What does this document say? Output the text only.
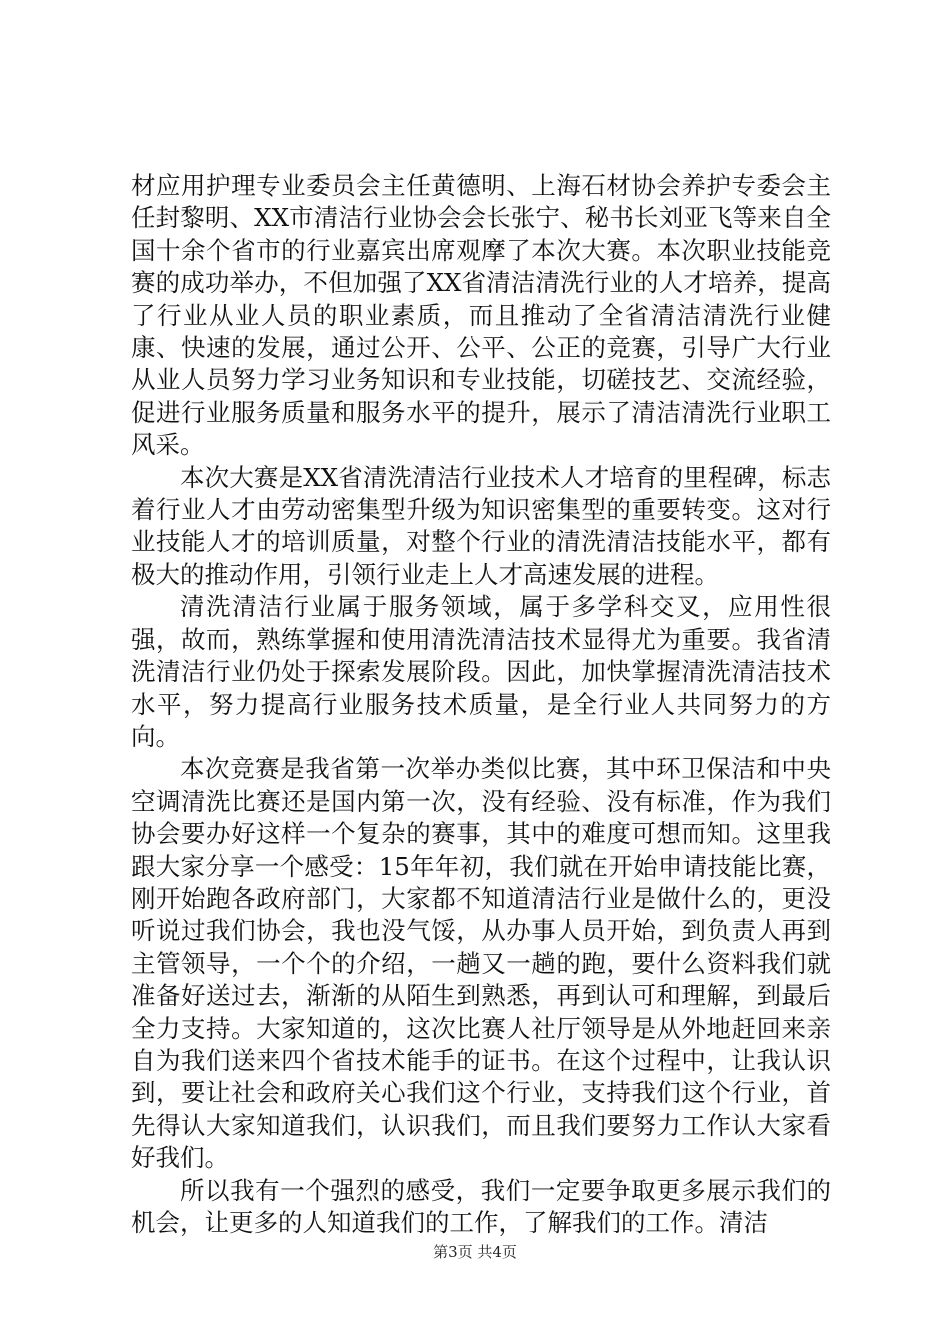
材应用护理专业委员会主任黄德明、上海石材协会养护专委会主任封黎明、XX市清洁行业协会会长张宁、秘书长刘亚飞等来自全国十余个省市的行业嘉宾出席观摩了本次大赛。本次职业技能竞赛的成功举办，不但加强了XX省清洁清洗行业的人才培养，提高了行业从业人员的职业素质，而且推动了全省清洁清洗行业健康、快速的发展，通过公开、公平、公正的竞赛，引导广大行业从业人员努力学习业务知识和专业技能，切磋技艺、交流经验，促进行业服务质量和服务水平的提升，展示了清洁清洗行业职工风采。

本次大赛是XX省清洗清洁行业技术人才培育的里程碑，标志着行业人才由劳动密集型升级为知识密集型的重要转变。这对行业技能人才的培训质量，对整个行业的清洗清洁技能水平，都有极大的推动作用，引领行业走上人才高速发展的进程。

清洗清洁行业属于服务领域，属于多学科交叉，应用性很强，故而，熟练掌握和使用清洗清洁技术显得尤为重要。我省清洗清洁行业仍处于探索发展阶段。因此，加快掌握清洗清洁技术水平，努力提高行业服务技术质量，是全行业人共同努力的方向。

本次竞赛是我省第一次举办类似比赛，其中环卫保洁和中央空调清洗比赛还是国内第一次，没有经验、没有标准，作为我们协会要办好这样一个复杂的赛事，其中的难度可想而知。这里我跟大家分享一个感受：15年年初，我们就在开始申请技能比赛，刚开始跑各政府部门，大家都不知道清洁行业是做什么的，更没听说过我们协会，我也没气馁，从办事人员开始，到负责人再到主管领导，一个个的介绍，一趟又一趟的跑，要什么资料我们就准备好送过去，渐渐的从陌生到熟悉，再到认可和理解，到最后全力支持。大家知道的，这次比赛人社厅领导是从外地赶回来亲自为我们送来四个省技术能手的证书。在这个过程中，让我认识到，要让社会和政府关心我们这个行业，支持我们这个行业，首先得认大家知道我们，认识我们，而且我们要努力工作认大家看好我们。

所以我有一个强烈的感受，我们一定要争取更多展示我们的机会，让更多的人知道我们的工作，了解我们的工作。清洁

第3页 共4页
